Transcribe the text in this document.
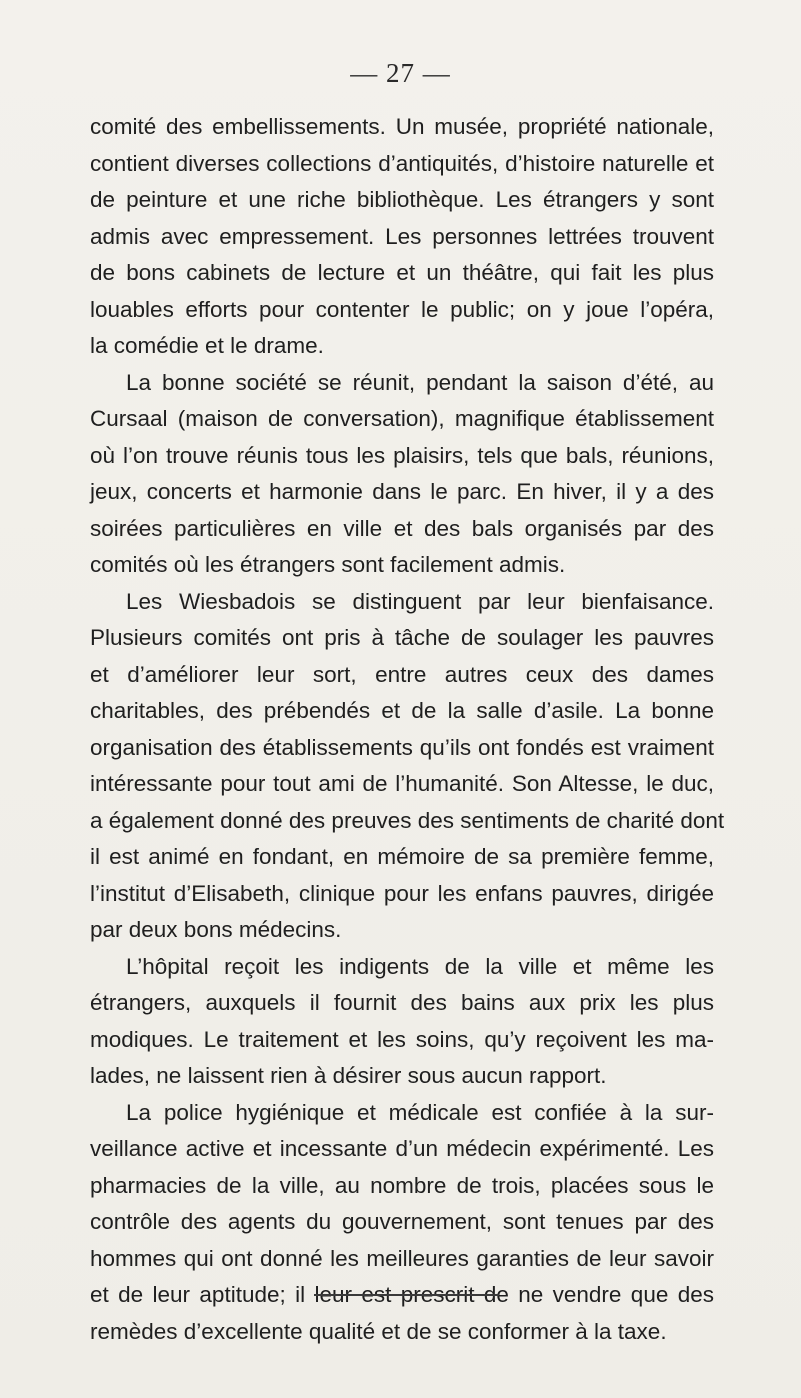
— 27 —
comité des embellissements. Un musée, propriété nationale,
contient diverses collections d’antiquités, d’histoire naturelle et
de peinture et une riche bibliothèque. Les étrangers y sont
admis avec empressement. Les personnes lettrées trouvent
de bons cabinets de lecture et un théâtre, qui fait les plus
louables efforts pour contenter le public; on y joue l’opéra,
la comédie et le drame.
La bonne société se réunit, pendant la saison d’été, au
Cursaal (maison de conversation), magnifique établissement
où l’on trouve réunis tous les plaisirs, tels que bals, réunions,
jeux, concerts et harmonie dans le parc. En hiver, il y a des
soirées particulières en ville et des bals organisés par des
comités où les étrangers sont facilement admis.
Les Wiesbadois se distinguent par leur bienfaisance.
Plusieurs comités ont pris à tâche de soulager les pauvres
et d’améliorer leur sort, entre autres ceux des dames
charitables, des prébendés et de la salle d’asile. La bonne
organisation des établissements qu’ils ont fondés est vraiment
intéressante pour tout ami de l’humanité. Son Altesse, le duc,
a également donné des preuves des sentiments de charité dont
il est animé en fondant, en mémoire de sa première femme,
l’institut d’Elisabeth, clinique pour les enfans pauvres, dirigée
par deux bons médecins.
L’hôpital reçoit les indigents de la ville et même les
étrangers, auxquels il fournit des bains aux prix les plus
modiques. Le traitement et les soins, qu’y reçoivent les ma-
lades, ne laissent rien à désirer sous aucun rapport.
La police hygiénique et médicale est confiée à la sur-
veillance active et incessante d’un médecin expérimenté. Les
pharmacies de la ville, au nombre de trois, placées sous le
contrôle des agents du gouvernement, sont tenues par des
hommes qui ont donné les meilleures garanties de leur savoir
et de leur aptitude; il leur est prescrit de ne vendre que des
remèdes d’excellente qualité et de se conformer à la taxe.
